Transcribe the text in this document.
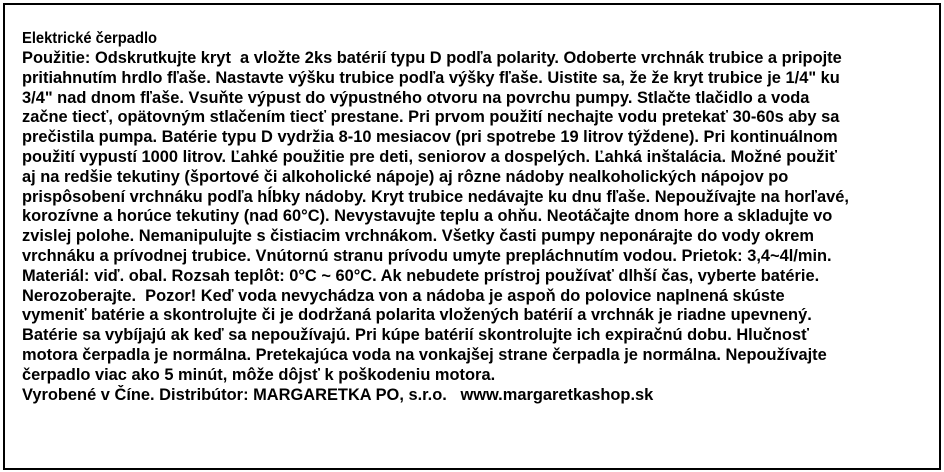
Elektrické čerpadlo
Použitie: Odskrutkujte kryt  a vložte 2ks batérií typu D podľa polarity. Odoberte vrchnák trubice a pripojte
pritiahnutím hrdlo fľaše. Nastavte výšku trubice podľa výšky fľaše. Uistite sa, že že kryt trubice je 1/4" ku
3/4" nad dnom fľaše. Vsuňte výpust do výpustného otvoru na povrchu pumpy. Stlačte tlačidlo a voda
začne tiecť, opätovným stlačením tiecť prestane. Pri prvom použití nechajte vodu pretekať 30-60s aby sa
prečistila pumpa. Batérie typu D vydržia 8-10 mesiacov (pri spotrebe 19 litrov týždene). Pri kontinuálnom
použití vypustí 1000 litrov. Ľahké použitie pre deti, seniorov a dospelých. Ľahká inštalácia. Možné použiť
aj na redšie tekutiny (športové či alkoholické nápoje) aj rôzne nádoby nealkoholických nápojov po
prispôsobení vrchnáku podľa hĺbky nádoby. Kryt trubice nedávajte ku dnu fľaše. Nepoužívajte na horľavé,
korozívne a horúce tekutiny (nad 60°C). Nevystavujte teplu a ohňu. Neotáčajte dnom hore a skladujte vo
zvislej polohe. Nemanipulujte s čistiacim vrchnákom. Všetky časti pumpy neponárajte do vody okrem
vrchnáku a prívodnej trubice. Vnútornú stranu prívodu umyte prepláchnutím vodou. Prietok: 3,4~4l/min.
Materiál: viď. obal. Rozsah teplôt: 0°C ~ 60°C. Ak nebudete prístroj používať dlhší čas, vyberte batérie.
Nerozoberajte.  Pozor! Keď voda nevychádza von a nádoba je aspoň do polovice naplnená skúste
vymeniť batérie a skontrolujte či je dodržaná polarita vložených batérií a vrchnák je riadne upevnený.
Batérie sa vybíjajú ak keď sa nepoužívajú. Pri kúpe batérií skontrolujte ich expiračnú dobu. Hlučnosť
motora čerpadla je normálna. Pretekajúca voda na vonkajšej strane čerpadla je normálna. Nepoužívajte
čerpadlo viac ako 5 minút, môže dôjsť k poškodeniu motora.
Vyrobené v Číne. Distribútor: MARGARETKA PO, s.r.o.   www.margaretkashop.sk
